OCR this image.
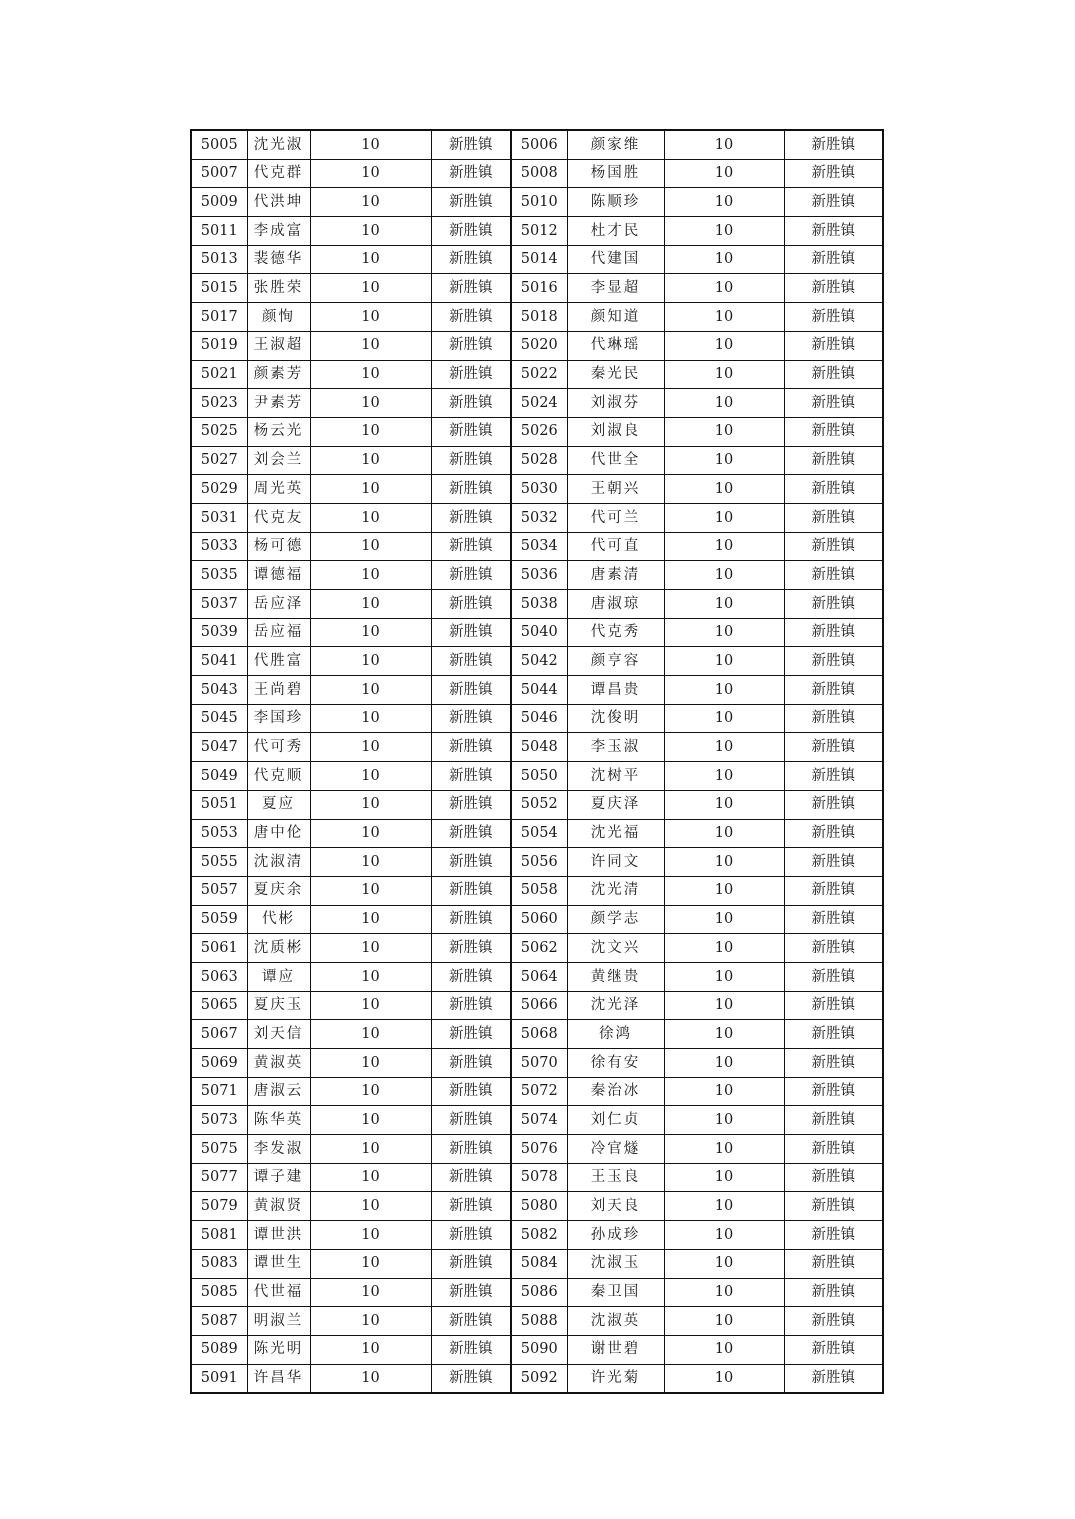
5005	沈光淑	10	新胜镇	5006	颜家维	10	新胜镇
5007	代克群	10	新胜镇	5008	杨国胜	10	新胜镇
5009	代洪坤	10	新胜镇	5010	陈顺珍	10	新胜镇
5011	李成富	10	新胜镇	5012	杜才民	10	新胜镇
5013	裴德华	10	新胜镇	5014	代建国	10	新胜镇
5015	张胜荣	10	新胜镇	5016	李显超	10	新胜镇
5017	颜恂	10	新胜镇	5018	颜知道	10	新胜镇
5019	王淑超	10	新胜镇	5020	代琳瑶	10	新胜镇
5021	颜素芳	10	新胜镇	5022	秦光民	10	新胜镇
5023	尹素芳	10	新胜镇	5024	刘淑芬	10	新胜镇
5025	杨云光	10	新胜镇	5026	刘淑良	10	新胜镇
5027	刘会兰	10	新胜镇	5028	代世全	10	新胜镇
5029	周光英	10	新胜镇	5030	王朝兴	10	新胜镇
5031	代克友	10	新胜镇	5032	代可兰	10	新胜镇
5033	杨可德	10	新胜镇	5034	代可直	10	新胜镇
5035	谭德福	10	新胜镇	5036	唐素清	10	新胜镇
5037	岳应泽	10	新胜镇	5038	唐淑琼	10	新胜镇
5039	岳应福	10	新胜镇	5040	代克秀	10	新胜镇
5041	代胜富	10	新胜镇	5042	颜亨容	10	新胜镇
5043	王尚碧	10	新胜镇	5044	谭昌贵	10	新胜镇
5045	李国珍	10	新胜镇	5046	沈俊明	10	新胜镇
5047	代可秀	10	新胜镇	5048	李玉淑	10	新胜镇
5049	代克顺	10	新胜镇	5050	沈树平	10	新胜镇
5051	夏应	10	新胜镇	5052	夏庆泽	10	新胜镇
5053	唐中伦	10	新胜镇	5054	沈光福	10	新胜镇
5055	沈淑清	10	新胜镇	5056	许同文	10	新胜镇
5057	夏庆余	10	新胜镇	5058	沈光清	10	新胜镇
5059	代彬	10	新胜镇	5060	颜学志	10	新胜镇
5061	沈质彬	10	新胜镇	5062	沈文兴	10	新胜镇
5063	谭应	10	新胜镇	5064	黄继贵	10	新胜镇
5065	夏庆玉	10	新胜镇	5066	沈光泽	10	新胜镇
5067	刘天信	10	新胜镇	5068	徐鸿	10	新胜镇
5069	黄淑英	10	新胜镇	5070	徐有安	10	新胜镇
5071	唐淑云	10	新胜镇	5072	秦治冰	10	新胜镇
5073	陈华英	10	新胜镇	5074	刘仁贞	10	新胜镇
5075	李发淑	10	新胜镇	5076	冷官燧	10	新胜镇
5077	谭子建	10	新胜镇	5078	王玉良	10	新胜镇
5079	黄淑贤	10	新胜镇	5080	刘天良	10	新胜镇
5081	谭世洪	10	新胜镇	5082	孙成珍	10	新胜镇
5083	谭世生	10	新胜镇	5084	沈淑玉	10	新胜镇
5085	代世福	10	新胜镇	5086	秦卫国	10	新胜镇
5087	明淑兰	10	新胜镇	5088	沈淑英	10	新胜镇
5089	陈光明	10	新胜镇	5090	谢世碧	10	新胜镇
5091	许昌华	10	新胜镇	5092	许光菊	10	新胜镇
